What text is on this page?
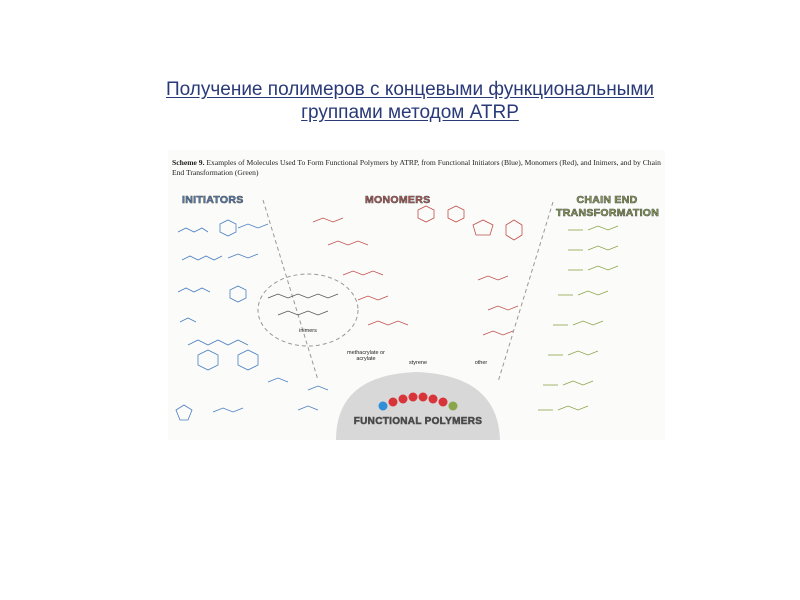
Получение полимеров с концевыми функциональными
группами методом ATRP
Scheme 9. Examples of Molecules Used To Form Functional Polymers by ATRP, from Functional Initiators (Blue), Monomers (Red), and Inimers, and by Chain End Transformation (Green)
INITIATORS	MONOMERS	CHAIN END TRANSFORMATION
FUNCTIONAL POLYMERS
inimers
methacrylate or acrylate
styrene	other
